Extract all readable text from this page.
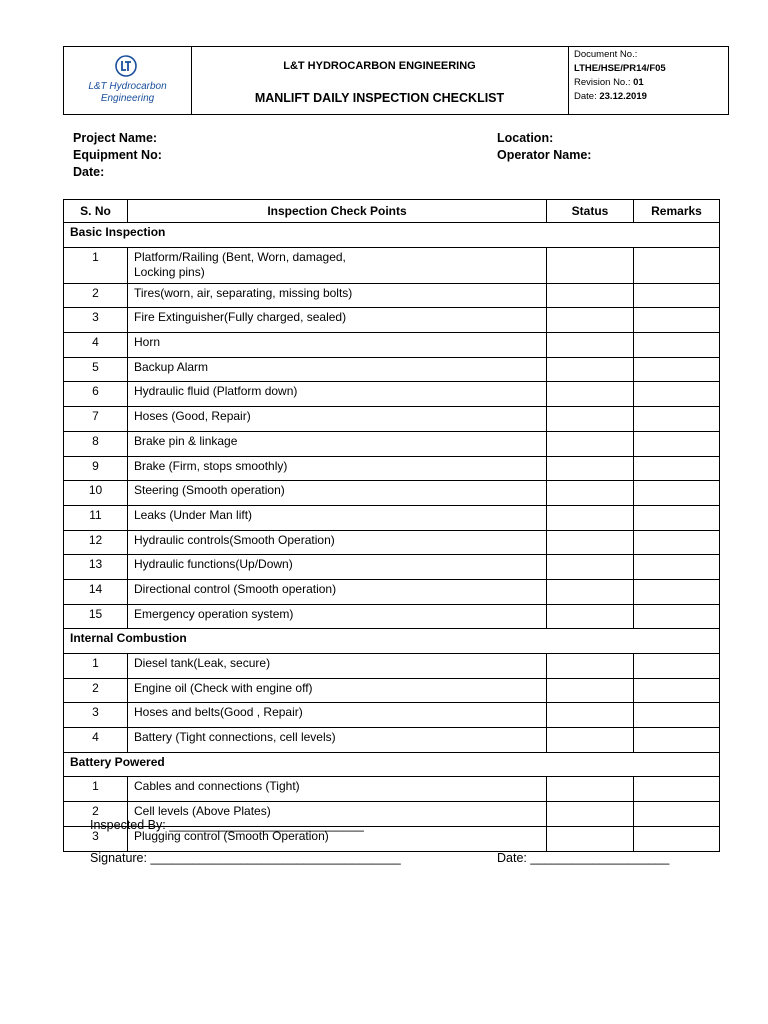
L&T Hydrocarbon
Engineering
L&T HYDROCARBON ENGINEERING
MANLIFT DAILY INSPECTION CHECKLIST
Document No.:
LTHE/HSE/PR14/F05
Revision No.: 01
Date: 23.12.2019
Project Name:
Equipment No:
Date:
Location:
Operator Name:
S. No	Inspection Check Points	Status	Remarks
Basic Inspection			
1	Platform/Railing (Bent, Worn, damaged,
Locking pins)		

2	Tires(worn, air, separating, missing bolts)		
3	Fire Extinguisher(Fully charged, sealed)		
4	Horn		
5	Backup Alarm		
6	Hydraulic fluid (Platform down)		
7	Hoses (Good, Repair)		
8	Brake pin & linkage		
9	Brake (Firm, stops smoothly)		
10	Steering (Smooth operation)		
11	Leaks (Under Man lift)		
12	Hydraulic controls(Smooth Operation)		
13	Hydraulic functions(Up/Down)		
14	Directional control (Smooth operation)		
15	Emergency operation system)		
Internal Combustion			
1	Diesel tank(Leak, secure)		
2	Engine oil (Check with engine off)		
3	Hoses and belts(Good , Repair)		
4	Battery (Tight connections, cell levels)		
Battery Powered			
1	Cables and connections (Tight)		
2	Cell levels (Above Plates)		
3	Plugging control (Smooth Operation)		
Inspected By: ____________________________
Signature: ____________________________________	Date: ____________________
